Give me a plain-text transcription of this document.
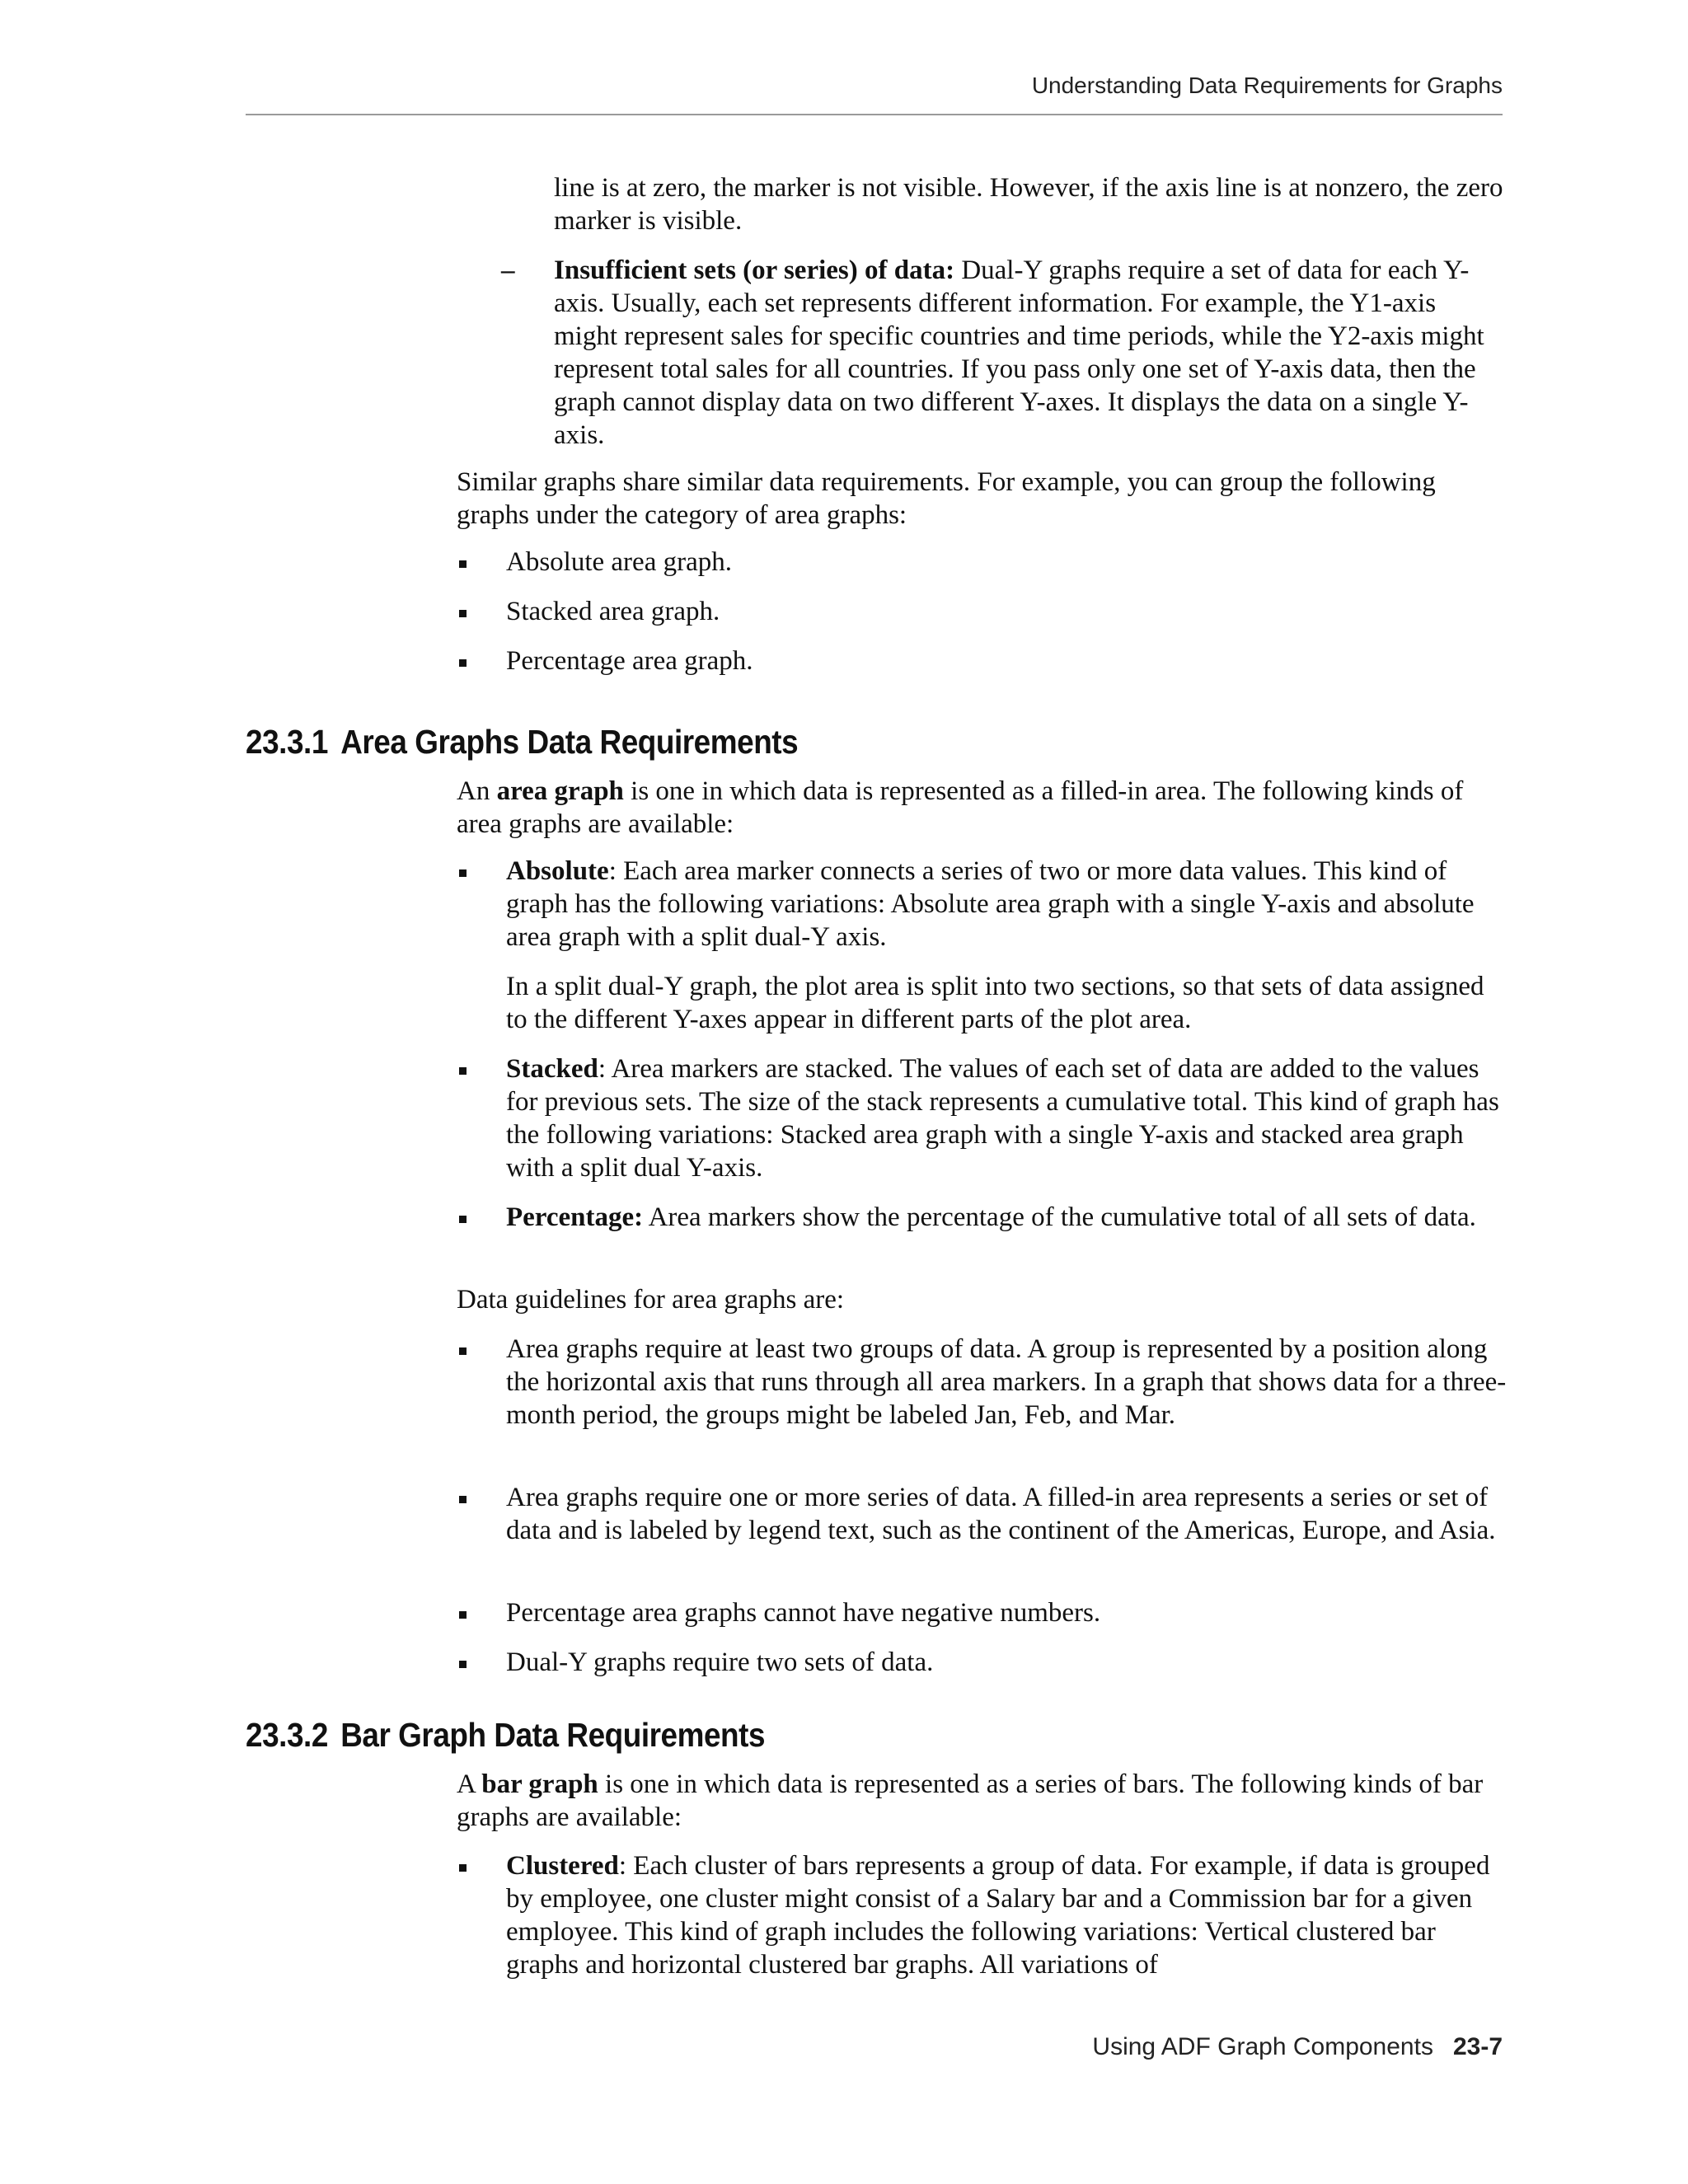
Understanding Data Requirements for Graphs

line is at zero, the marker is not visible. However, if the axis line is at nonzero, the zero marker is visible.

– Insufficient sets (or series) of data: Dual-Y graphs require a set of data for each Y-axis. Usually, each set represents different information. For example, the Y1-axis might represent sales for specific countries and time periods, while the Y2-axis might represent total sales for all countries. If you pass only one set of Y-axis data, then the graph cannot display data on two different Y-axes. It displays the data on a single Y-axis.

Similar graphs share similar data requirements. For example, you can group the following graphs under the category of area graphs:

Absolute area graph.

Stacked area graph.

Percentage area graph.

23.3.1 Area Graphs Data Requirements

An area graph is one in which data is represented as a filled-in area. The following kinds of area graphs are available:

Absolute: Each area marker connects a series of two or more data values. This kind of graph has the following variations: Absolute area graph with a single Y-axis and absolute area graph with a split dual-Y axis.

In a split dual-Y graph, the plot area is split into two sections, so that sets of data assigned to the different Y-axes appear in different parts of the plot area.

Stacked: Area markers are stacked. The values of each set of data are added to the values for previous sets. The size of the stack represents a cumulative total. This kind of graph has the following variations: Stacked area graph with a single Y-axis and stacked area graph with a split dual Y-axis.

Percentage: Area markers show the percentage of the cumulative total of all sets of data.

Data guidelines for area graphs are:

Area graphs require at least two groups of data. A group is represented by a position along the horizontal axis that runs through all area markers. In a graph that shows data for a three-month period, the groups might be labeled Jan, Feb, and Mar.

Area graphs require one or more series of data. A filled-in area represents a series or set of data and is labeled by legend text, such as the continent of the Americas, Europe, and Asia.

Percentage area graphs cannot have negative numbers.

Dual-Y graphs require two sets of data.

23.3.2 Bar Graph Data Requirements

A bar graph is one in which data is represented as a series of bars. The following kinds of bar graphs are available:

Clustered: Each cluster of bars represents a group of data. For example, if data is grouped by employee, one cluster might consist of a Salary bar and a Commission bar for a given employee. This kind of graph includes the following variations: Vertical clustered bar graphs and horizontal clustered bar graphs. All variations of

Using ADF Graph Components 23-7
